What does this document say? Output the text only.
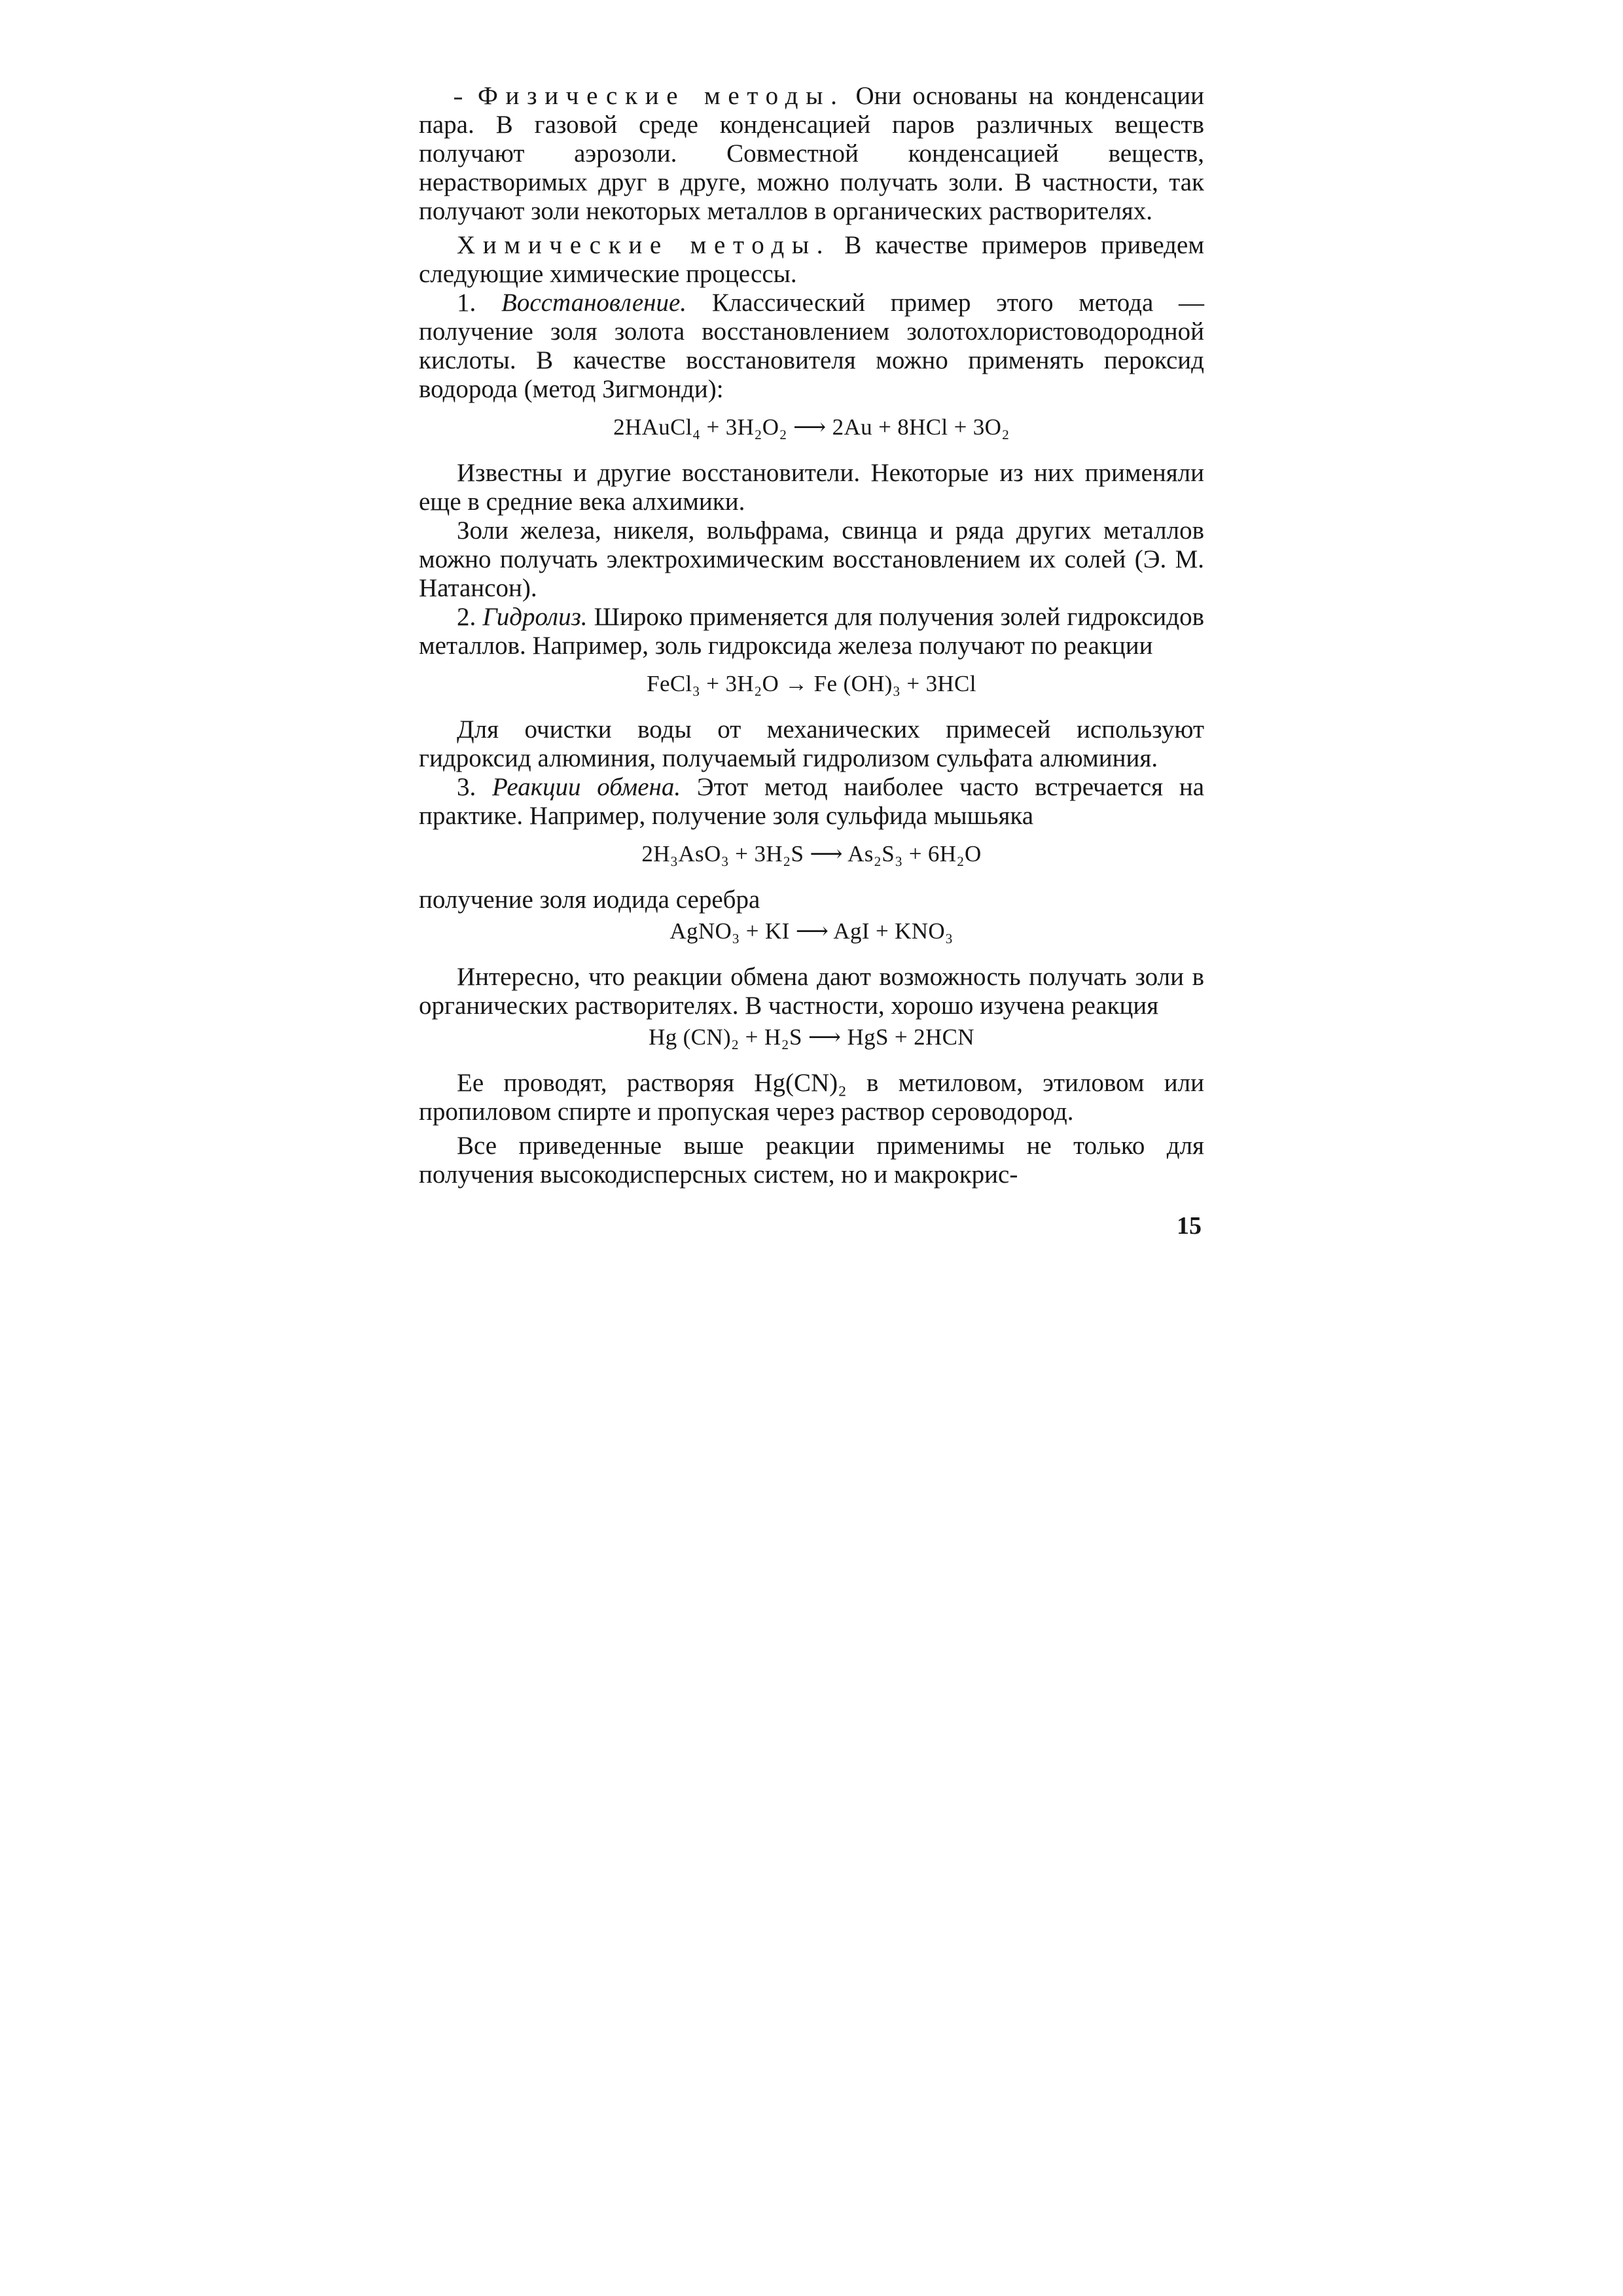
Физические методы. Они основаны на конденсации пара. В газовой среде конденсацией паров различных веществ получают аэрозоли. Совместной конденсацией веществ, нерастворимых друг в друге, можно получать золи. В частности, так получают золи некоторых металлов в органических растворителях.

Химические методы. В качестве примеров приведем следующие химические процессы.

1. Восстановление. Классический пример этого метода — получение золя золота восстановлением золотохлористоводородной кислоты. В качестве восстановителя можно применять пероксид водорода (метод Зигмонди):

2HAuCl₄ + 3H₂O₂ ⟶ 2Au + 8HCl + 3O₂

Известны и другие восстановители. Некоторые из них применяли еще в средние века алхимики.

Золи железа, никеля, вольфрама, свинца и ряда других металлов можно получать электрохимическим восстановлением их солей (Э. М. Натансон).

2. Гидролиз. Широко применяется для получения золей гидроксидов металлов. Например, золь гидроксида железа получают по реакции

FeCl₃ + 3H₂O → Fe (OH)₃ + 3HCl

Для очистки воды от механических примесей используют гидроксид алюминия, получаемый гидролизом сульфата алюминия.

3. Реакции обмена. Этот метод наиболее часто встречается на практике. Например, получение золя сульфида мышьяка

2H₃AsO₃ + 3H₂S ⟶ As₂S₃ + 6H₂O

получение золя иодида серебра

AgNO₃ + KI ⟶ AgI + KNO₃

Интересно, что реакции обмена дают возможность получать золи в органических растворителях. В частности, хорошо изучена реакция

Hg (CN)₂ + H₂S ⟶ HgS + 2HCN

Ее проводят, растворяя Hg(CN)₂ в метиловом, этиловом или пропиловом спирте и пропуская через раствор сероводород.

Все приведенные выше реакции применимы не только для получения высокодисперсных систем, но и макрокрис-

15
